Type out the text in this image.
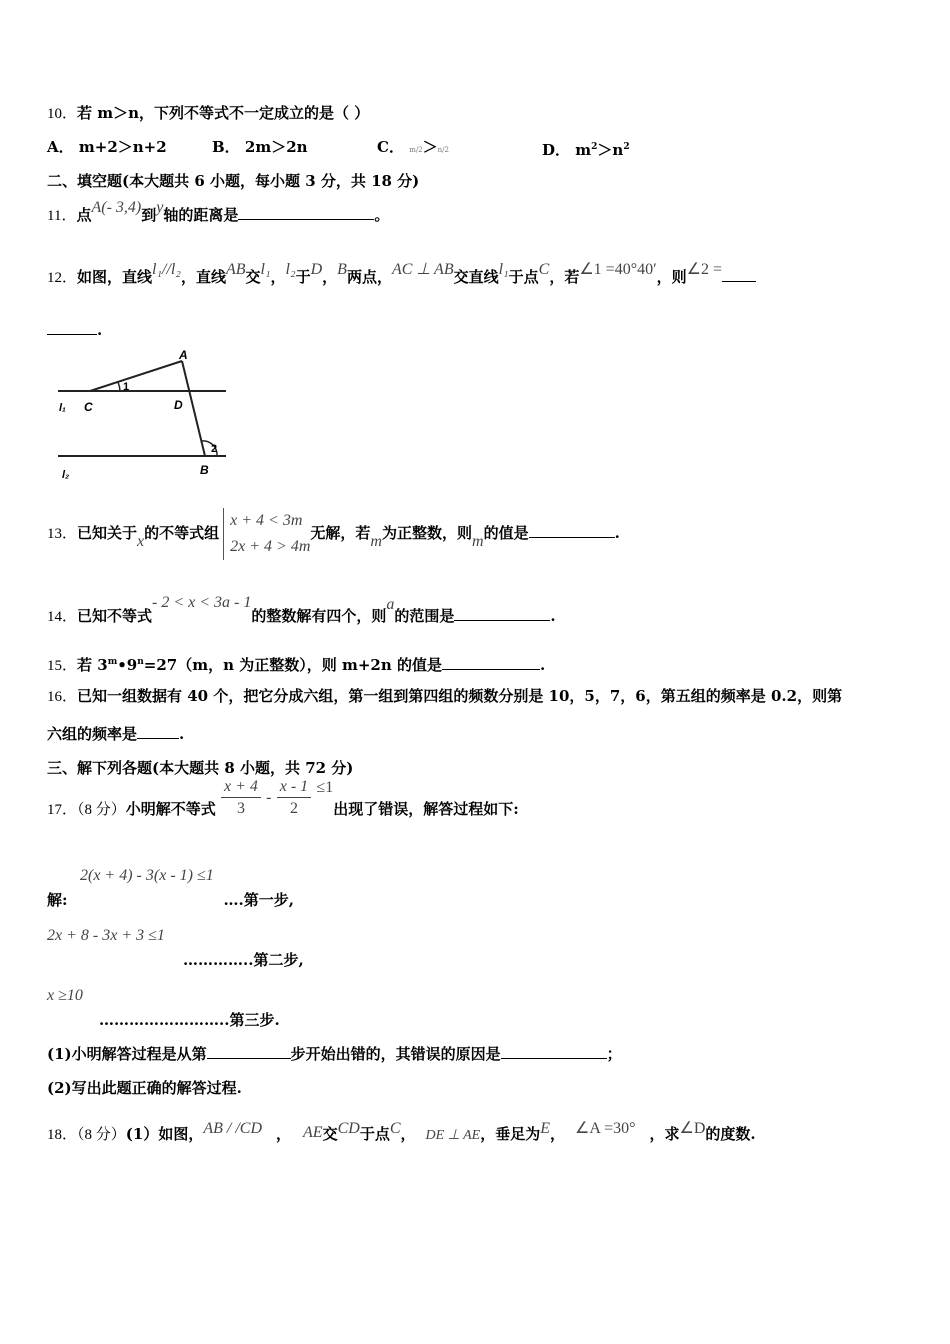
10．若 m＞n，下列不等式不一定成立的是（ ）
A． m+2＞n+2	B． 2m＞2n	C． m/2＞n/2	D． $m^2>n^2$
二、填空题(本大题共 6 小题，每小题 3 分，共 18 分)
11．点A(- 3,4)到y轴的距离是	。
12．如图，直线l₁//l₂，直线AB交l₁，l₂于D，B两点，AC ⊥ AB交直线l₁于点C，若∠1 =40°40′，则∠2 =
.
A
C	D
B
1
2
l₁
l₂
13．已知关于x的不等式组
x + 4 < 3m
2x + 4 > 4m
无解，若m为正整数，则m的值是	.
14．已知不等式- 2 < x < 3a - 1的整数解有四个，则a的范围是	.
15．若 $3^m•9^n=27(m$，n 为正整数），则 m+2n 的值是	.
16．已知一组数据有 40 个，把它分成六组，第一组到第四组的频数分别是 10，5，7，6，第五组的频率是 0.2，则第
六组的频率是	.
三、解下列各题(本大题共 8 小题，共 72 分)
17．（8 分）小明解不等式 $\frac{x + 4}{3} - \frac{x - 1}{2} \le 1$出现了错误，解答过程如下:
2(x + 4) - 3(x - 1) ≤1
解:	….第一步,
2x + 8 - 3x + 3 ≤1
…………..第二步,
x ≥10
……………………..第三步.
(1)小明解答过程是从第	步开始出错的，其错误的原因是	；
(2)写出此题正确的解答过程.
18．（8 分）(1）如图，AB / /CD ， AE交CD于点C， DE ⊥ AE，垂足为E， ∠A =30° ，求∠D的度数.
